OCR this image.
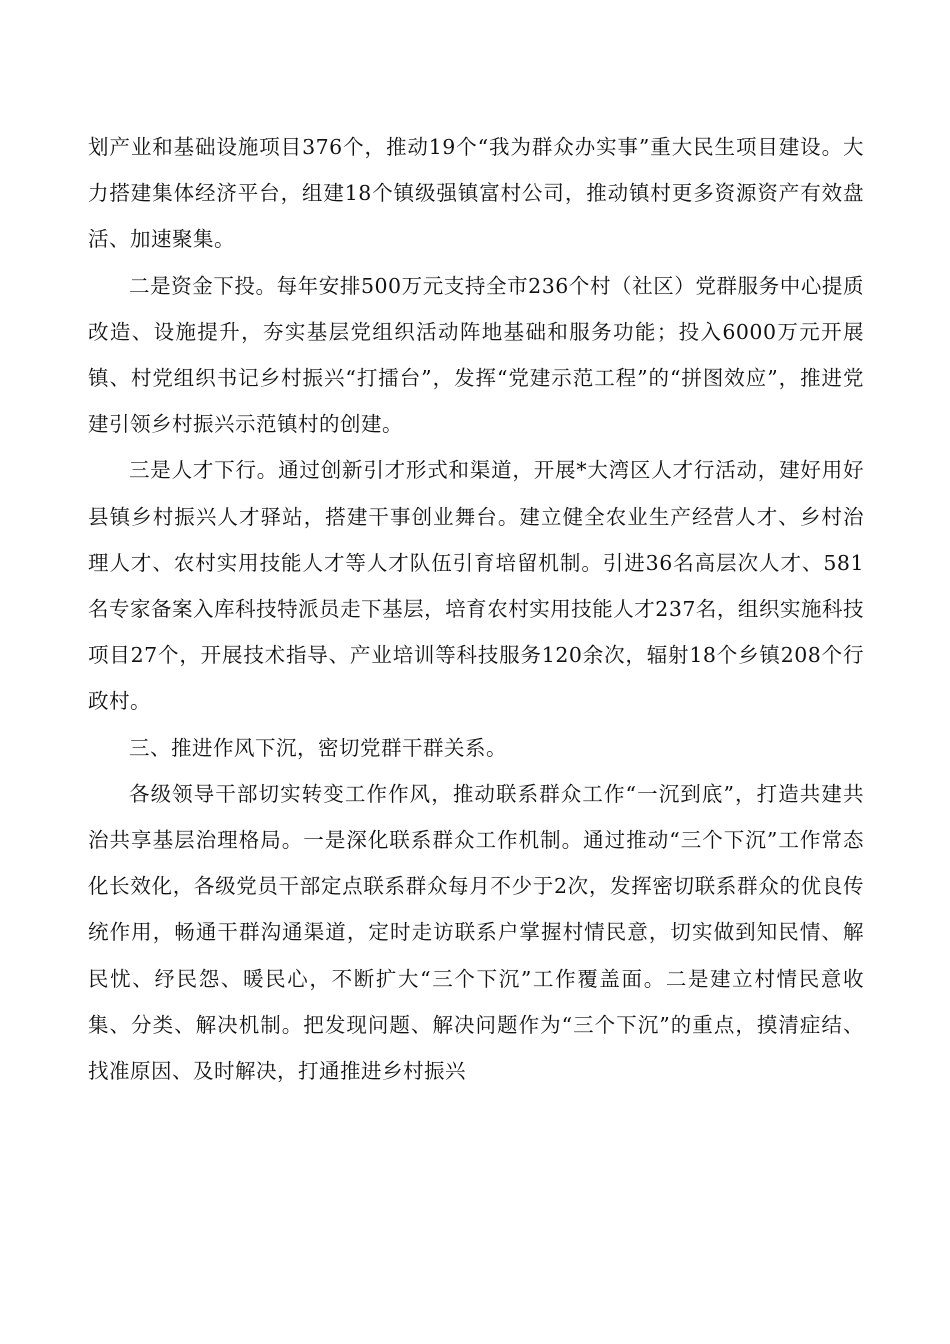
划产业和基础设施项目376个，推动19个“我为群众办实事”重大民生项目建设。大力搭建集体经济平台，组建18个镇级强镇富村公司，推动镇村更多资源资产有效盘活、加速聚集。

二是资金下投。每年安排500万元支持全市236个村（社区）党群服务中心提质改造、设施提升，夯实基层党组织活动阵地基础和服务功能；投入6000万元开展镇、村党组织书记乡村振兴“打擂台”，发挥“党建示范工程”的“拼图效应”，推进党建引领乡村振兴示范镇村的创建。

三是人才下行。通过创新引才形式和渠道，开展*大湾区人才行活动，建好用好县镇乡村振兴人才驿站，搭建干事创业舞台。建立健全农业生产经营人才、乡村治理人才、农村实用技能人才等人才队伍引育培留机制。引进36名高层次人才、581名专家备案入库科技特派员走下基层，培育农村实用技能人才237名，组织实施科技项目27个，开展技术指导、产业培训等科技服务120余次，辐射18个乡镇208个行政村。

三、推进作风下沉，密切党群干群关系。

各级领导干部切实转变工作作风，推动联系群众工作“一沉到底”，打造共建共治共享基层治理格局。一是深化联系群众工作机制。通过推动“三个下沉”工作常态化长效化，各级党员干部定点联系群众每月不少于2次，发挥密切联系群众的优良传统作用，畅通干群沟通渠道，定时走访联系户掌握村情民意，切实做到知民情、解民忧、纾民怨、暖民心，不断扩大“三个下沉”工作覆盖面。二是建立村情民意收集、分类、解决机制。把发现问题、解决问题作为“三个下沉”的重点，摸清症结、找准原因、及时解决，打通推进乡村振兴
